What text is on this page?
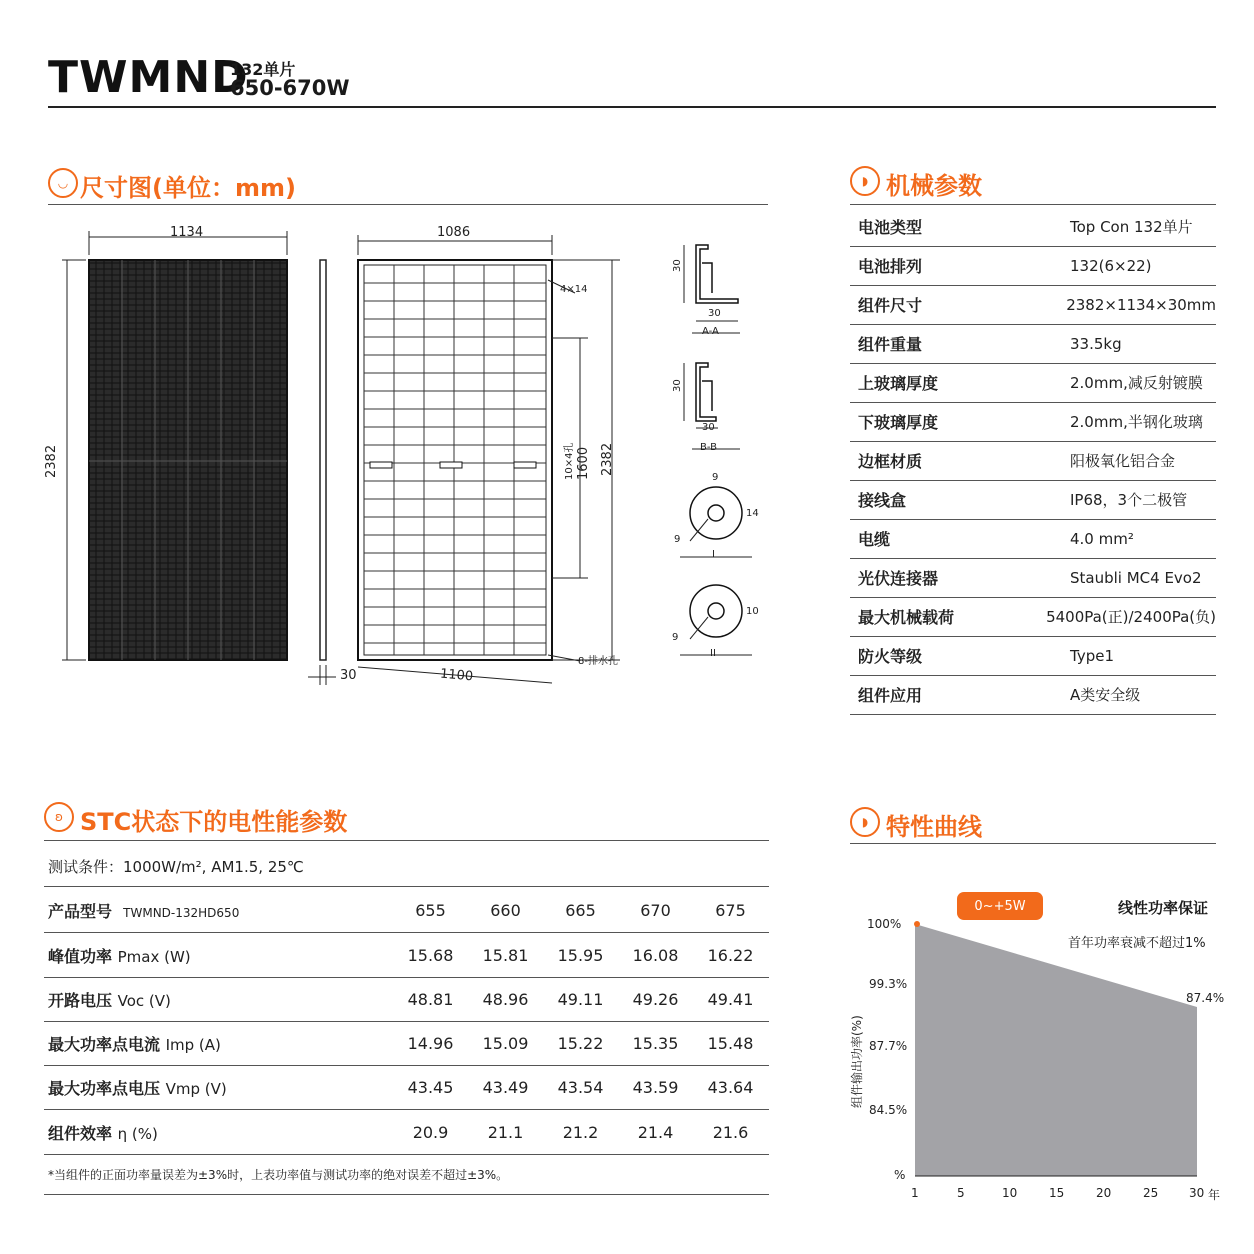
TWMND
132单片
650-670W
◡ 尺寸图(单位：mm)
1134
2382
30
1086
1100
1600 2382
10×4孔
4×14
8-排水孔
30
30
A-A
30
30
B-B
9
14
9
I
10
9
II
◗ 机械参数
电池类型	Top Con 132单片
电池排列	132(6×22)
组件尺寸	2382×1134×30mm
组件重量	33.5kg
上玻璃厚度	2.0mm,减反射镀膜
下玻璃厚度	2.0mm,半钢化玻璃
边框材质	阳极氧化铝合金
接线盒	IP68，3个二极管
电缆	4.0 mm²
光伏连接器	Staubli MC4 Evo2
最大机械载荷	5400Pa(正)/2400Pa(负)
防火等级	Type1
组件应用	A类安全级
ʚ STC状态下的电性能参数
测试条件：1000W/m², AM1.5, 25℃
产品型号 TWMND-132HD650	655	660	665	670	675
峰值功率 Pmax (W)	15.68	15.81	15.95	16.08	16.22
开路电压 Voc (V)	48.81	48.96	49.11	49.26	49.41
最大功率点电流 Imp (A)	14.96	15.09	15.22	15.35	15.48
最大功率点电压 Vmp (V)	43.45	43.49	43.54	43.59	43.64
组件效率 η (%)	20.9	21.1	21.2	21.4	21.6
*当组件的正面功率量误差为±3%时，上表功率值与测试功率的绝对误差不超过±3%。
◗ 特性曲线
线性功率保证
首年功率衰减不超过1%
0~+5W
100%
99.3%
87.7%
84.5%
%
87.4%
组件输出功率(%)
1	5	10	15	20	25	30 年
